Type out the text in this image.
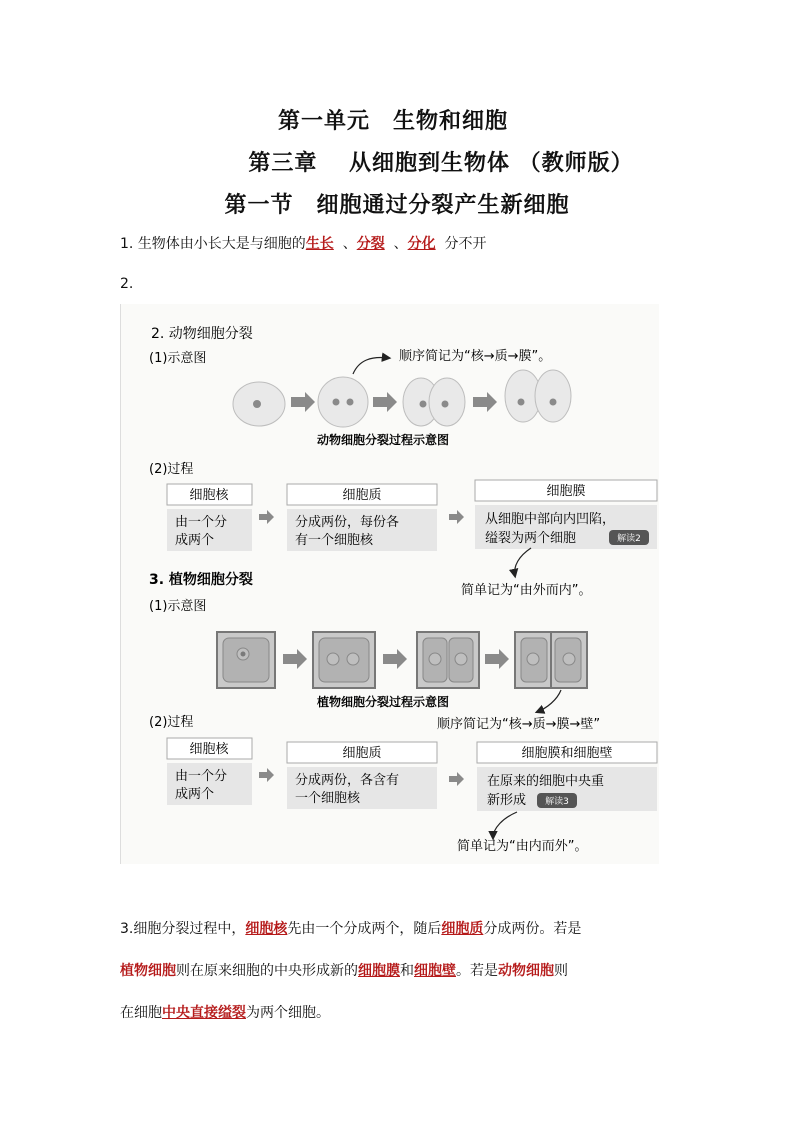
第一单元　生物和细胞
第三章　 从细胞到生物体 （教师版）
第一节　细胞通过分裂产生新细胞
1. 生物体由小长大是与细胞的生长 、分裂 、分化 分不开
2.
2. 动物细胞分裂
(1)示意图	顺序简记为“核→质→膜”。
动物细胞分裂过程示意图
(2)过程
细胞核
由一个分
成两个
细胞质
分成两份，每份各
有一个细胞核
细胞膜
从细胞中部向内凹陷，
缢裂为两个细胞	解读2
简单记为“由外而内”。
3. 植物细胞分裂
(1)示意图
植物细胞分裂过程示意图
顺序简记为“核→质→膜→壁”
(2)过程
细胞核
由一个分
成两个
细胞质
分成两份，各含有
一个细胞核
细胞膜和细胞壁
在原来的细胞中央重
新形成 解读3
简单记为“由内而外”。
3.细胞分裂过程中，细胞核先由一个分成两个，随后细胞质分成两份。若是
植物细胞则在原来细胞的中央形成新的细胞膜和细胞壁。若是动物细胞则
在细胞中央直接缢裂为两个细胞。
